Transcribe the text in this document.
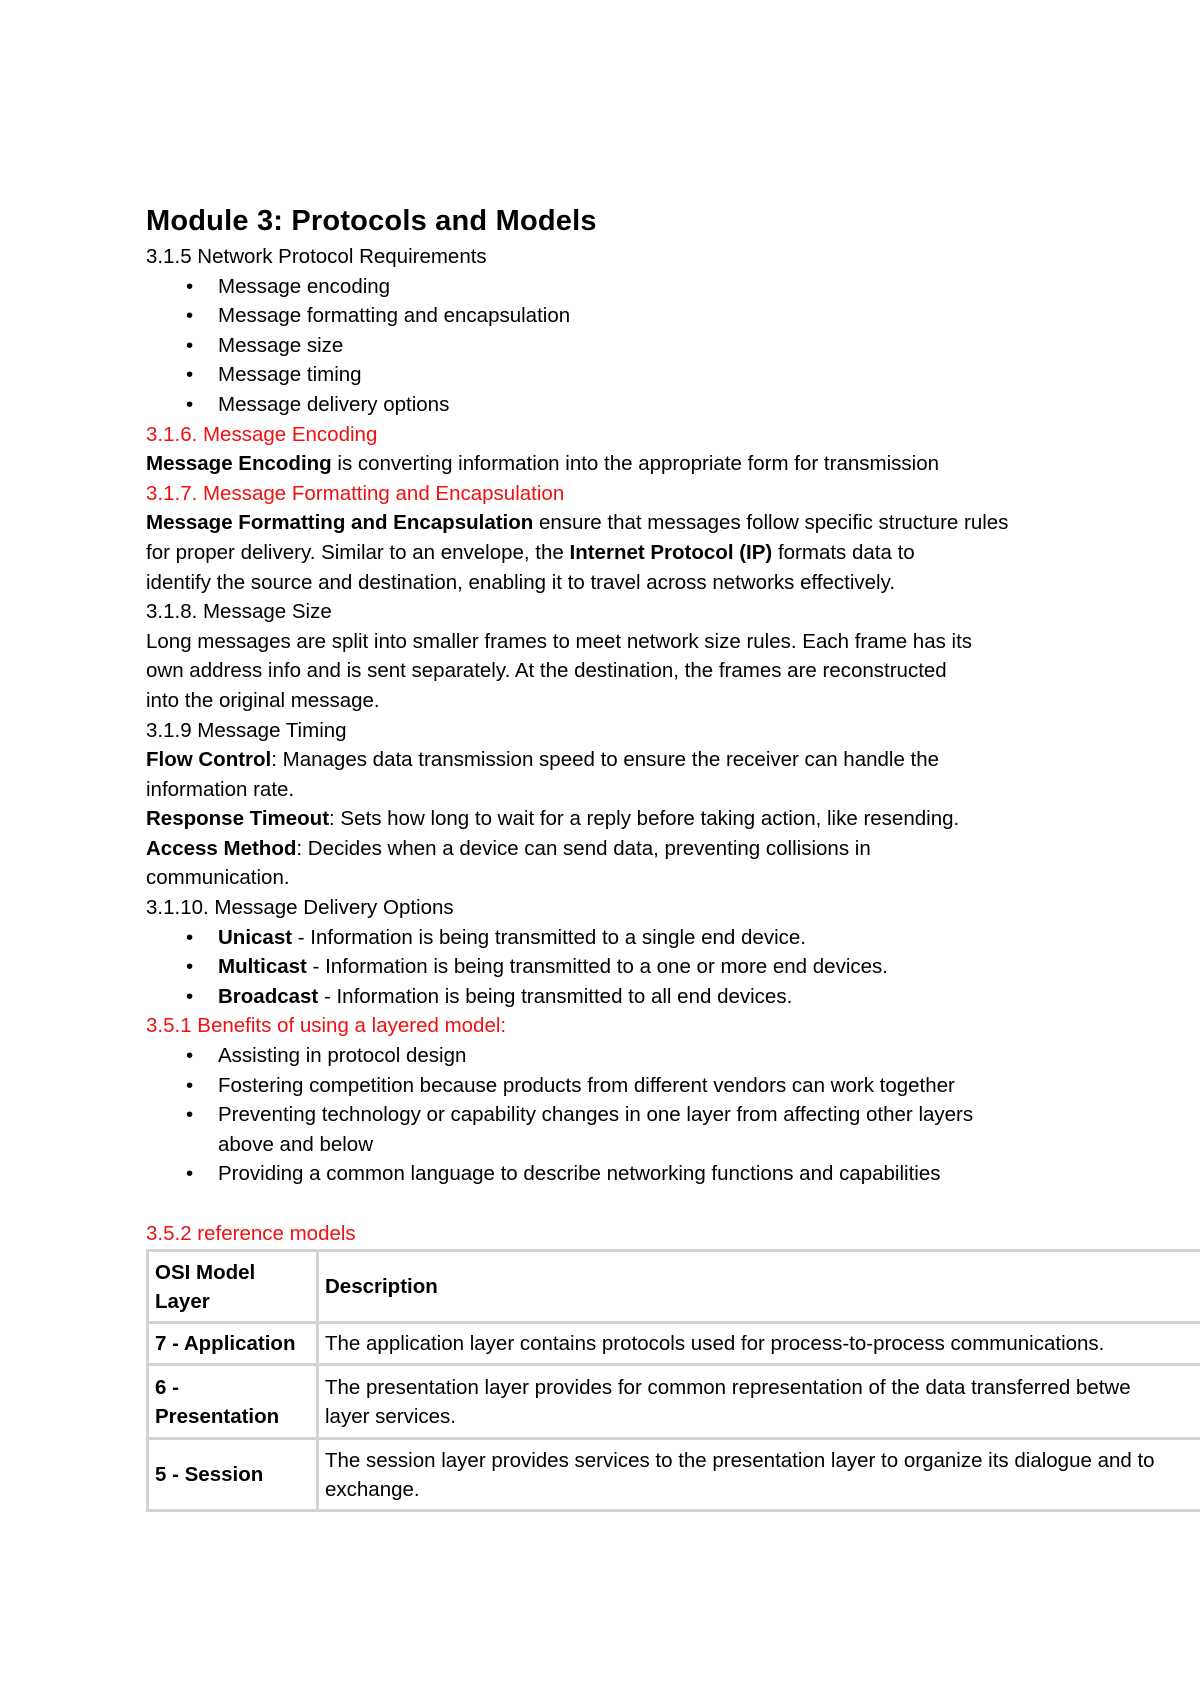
Module 3: Protocols and Models

3.1.5 Network Protocol Requirements

• Message encoding
• Message formatting and encapsulation
• Message size
• Message timing
• Message delivery options

3.1.6. Message Encoding

Message Encoding is converting information into the appropriate form for transmission

3.1.7. Message Formatting and Encapsulation

Message Formatting and Encapsulation ensure that messages follow specific structure rules

for proper delivery. Similar to an envelope, the Internet Protocol (IP) formats data to

identify the source and destination, enabling it to travel across networks effectively.

3.1.8. Message Size

Long messages are split into smaller frames to meet network size rules. Each frame has its

own address info and is sent separately. At the destination, the frames are reconstructed

into the original message.

3.1.9 Message Timing

Flow Control: Manages data transmission speed to ensure the receiver can handle the

information rate.

Response Timeout: Sets how long to wait for a reply before taking action, like resending.

Access Method: Decides when a device can send data, preventing collisions in

communication.

3.1.10. Message Delivery Options

• Unicast - Information is being transmitted to a single end device.
• Multicast - Information is being transmitted to a one or more end devices.
• Broadcast - Information is being transmitted to all end devices.

3.5.1 Benefits of using a layered model:

• Assisting in protocol design
• Fostering competition because products from different vendors can work together
• Preventing technology or capability changes in one layer from affecting other layers
above and below
• Providing a common language to describe networking functions and capabilities

3.5.2 reference models

OSI Model
Layer	Description
7 - Application	The application layer contains protocols used for process-to-process communications.
6 -
Presentation	The presentation layer provides for common representation of the data transferred betwe
layer services.
5 - Session	The session layer provides services to the presentation layer to organize its dialogue and to
exchange.
